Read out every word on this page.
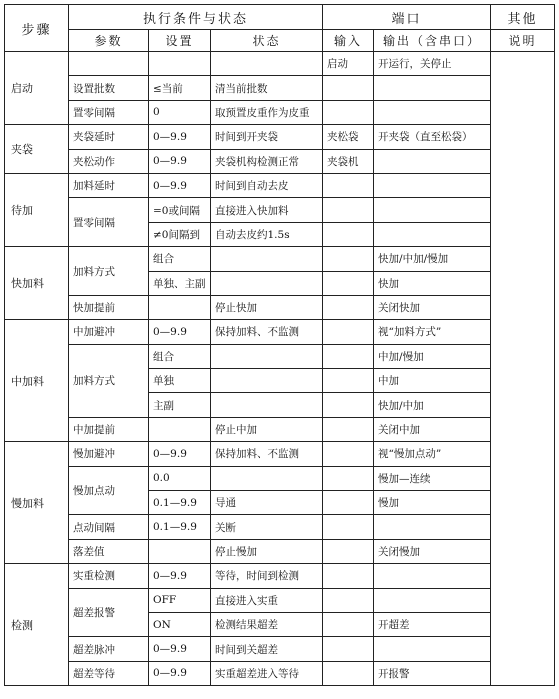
步骤	执行条件与状态			端口		其他
	参数	设置	状态	输入	输出（含串口）	说明
启动				启动	开运行，关停止	
	设置批数	≤当前	清当前批数			
	置零间隔	0	取预置皮重作为皮重			
夹袋	夹袋延时	0—9.9	时间到开夹袋	夹松袋	开夹袋（直至松袋）	
	夹松动作	0—9.9	夹袋机构检测正常	夹袋机		
待加	加料延时	0—9.9	时间到自动去皮			
	置零间隔	=0或间隔	直接进入快加料			
		≠0间隔到	自动去皮约1.5s			
快加料	加料方式	组合			快加/中加/慢加	
		单独、主副			快加	
	快加提前		停止快加		关闭快加	
中加料	中加避冲	0—9.9	保持加料、不监测		视“加料方式”	
	加料方式	组合			中加/慢加	
		单独			中加	
		主副			快加/中加	
	中加提前		停止中加		关闭中加	
慢加料	慢加避冲	0—9.9	保持加料、不监测		视“慢加点动”	
	慢加点动	0.0			慢加—连续	
		0.1—9.9	导通		慢加	
	点动间隔	0.1—9.9	关断			
	落差值		停止慢加		关闭慢加	
检测	实重检测	0—9.9	等待，时间到检测			
	超差报警	OFF	直接进入实重			
		ON	检测结果超差		开超差	
	超差脉冲	0—9.9	时间到关超差			
	超差等待	0—9.9	实重超差进入等待		开报警	
